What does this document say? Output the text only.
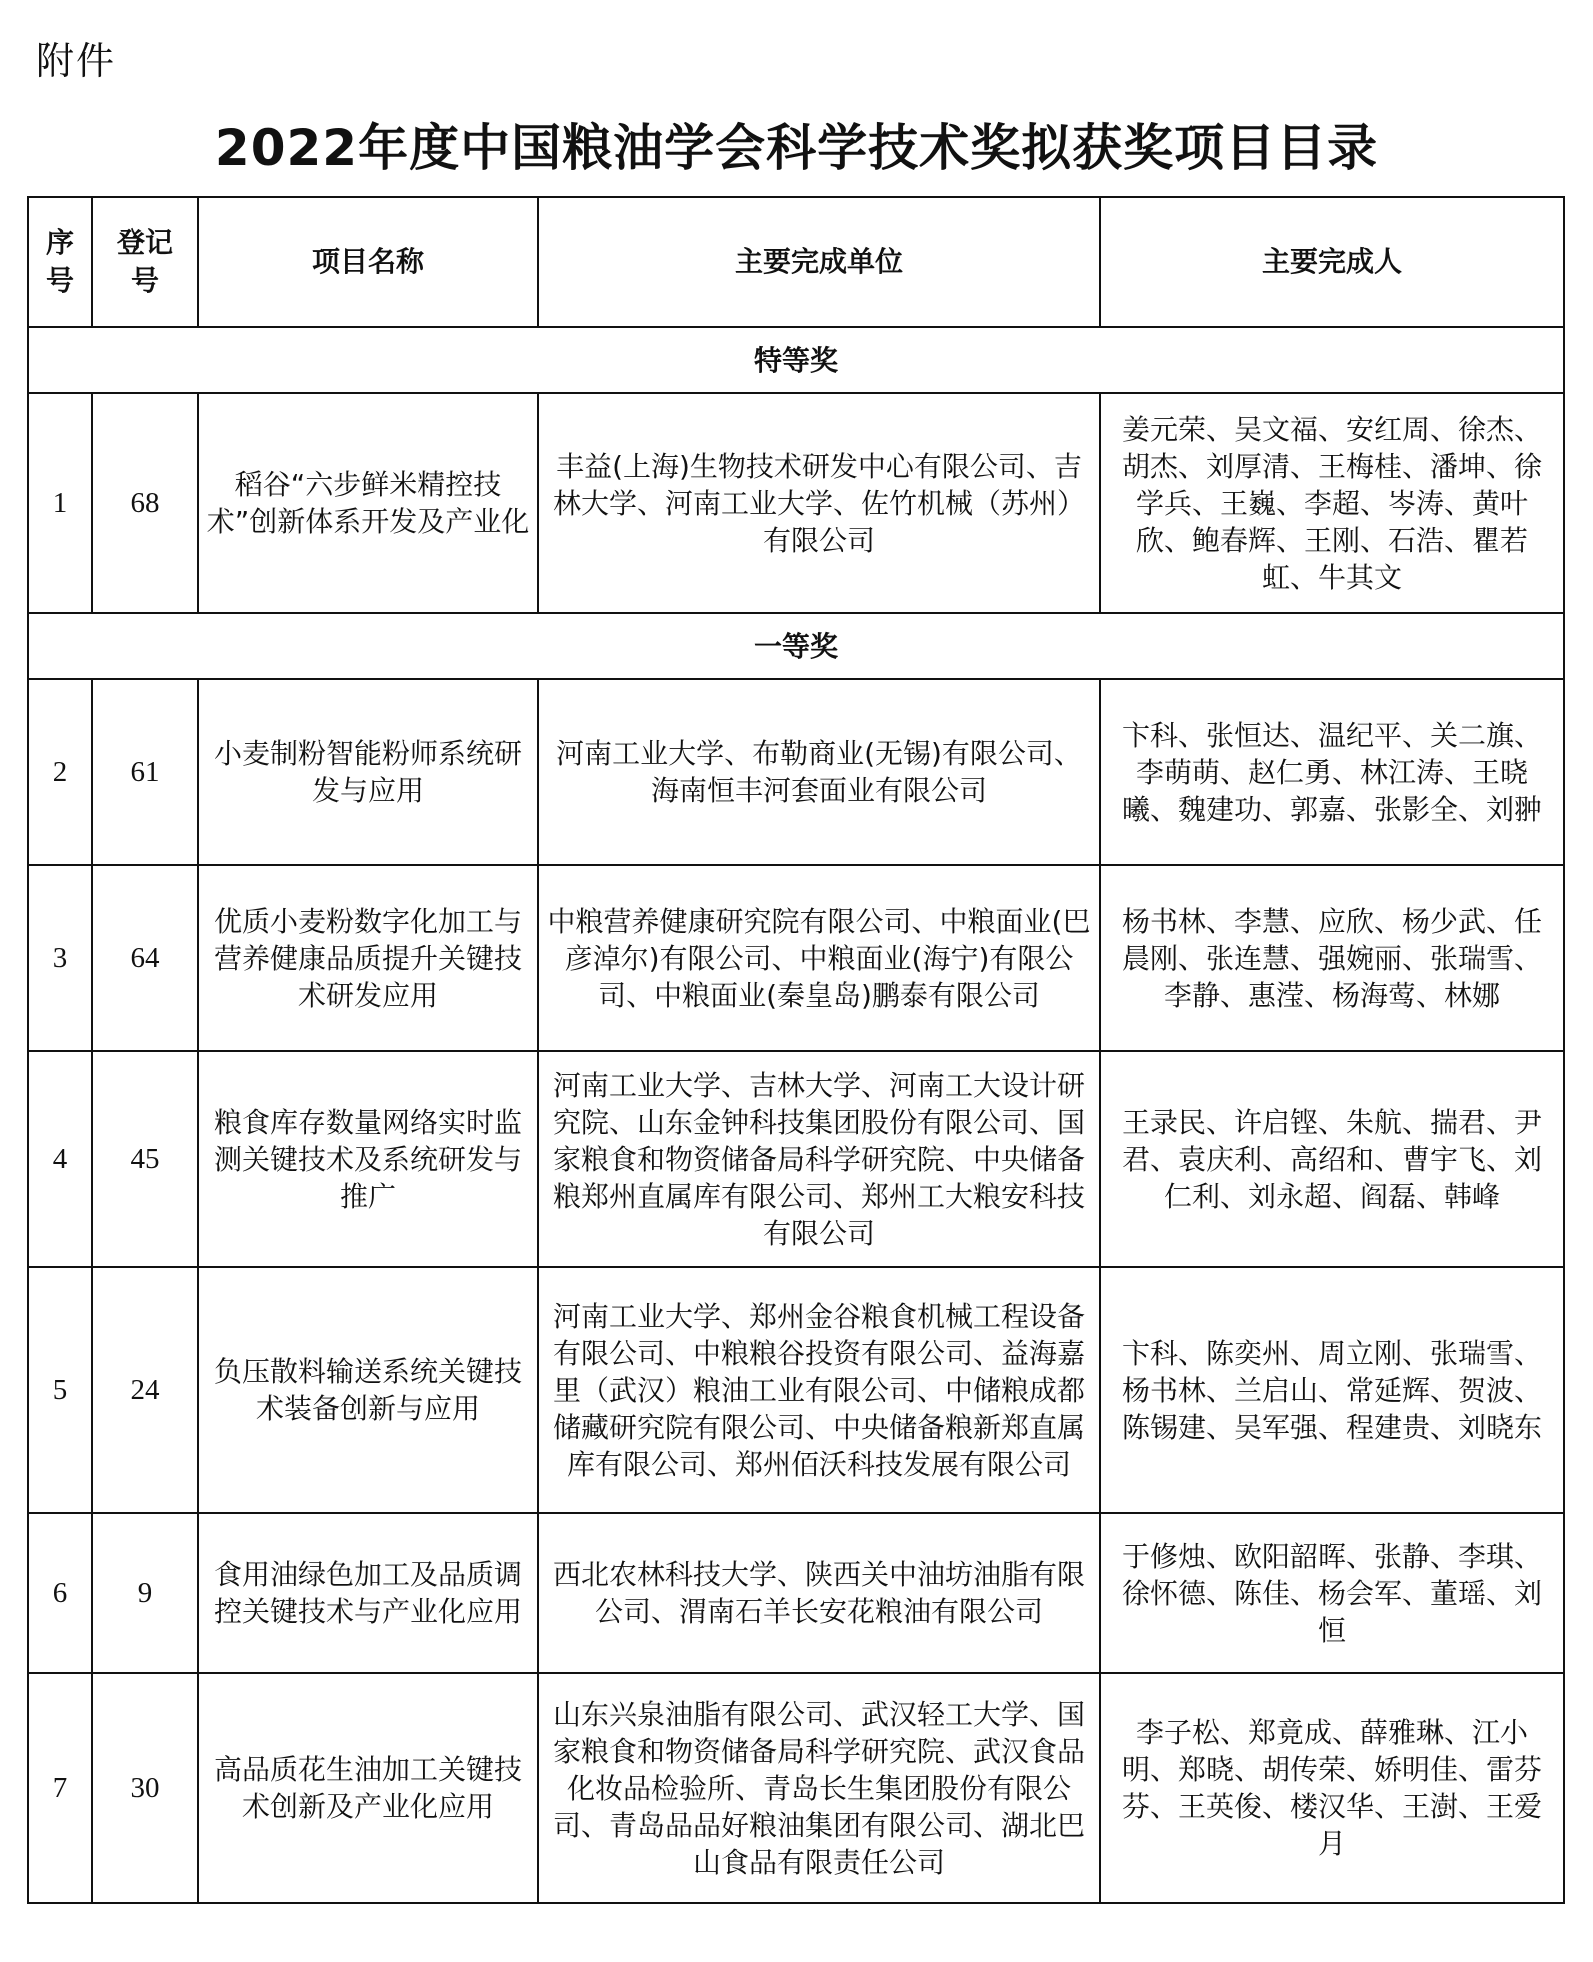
附件
2022年度中国粮油学会科学技术奖拟获奖项目目录
序号	登记号	项目名称	主要完成单位	主要完成人
特等奖				
1	68	稻谷“六步鲜米精控技术”创新体系开发及产业化	丰益(上海)生物技术研发中心有限公司、吉林大学、河南工业大学、佐竹机械（苏州）有限公司	姜元荣、吴文福、安红周、徐杰、胡杰、刘厚清、王梅桂、潘坤、徐学兵、王巍、李超、岑涛、黄叶欣、鲍春辉、王刚、石浩、瞿若虹、牛其文
一等奖				
2	61	小麦制粉智能粉师系统研发与应用	河南工业大学、布勒商业(无锡)有限公司、海南恒丰河套面业有限公司	卞科、张恒达、温纪平、关二旗、李萌萌、赵仁勇、林江涛、王晓曦、魏建功、郭嘉、张影全、刘翀
3	64	优质小麦粉数字化加工与营养健康品质提升关键技术研发应用	中粮营养健康研究院有限公司、中粮面业(巴彦淖尔)有限公司、中粮面业(海宁)有限公司、中粮面业(秦皇岛)鹏泰有限公司	杨书林、李慧、应欣、杨少武、任晨刚、张连慧、强婉丽、张瑞雪、李静、惠滢、杨海莺、林娜
4	45	粮食库存数量网络实时监测关键技术及系统研发与推广	河南工业大学、吉林大学、河南工大设计研究院、山东金钟科技集团股份有限公司、国家粮食和物资储备局科学研究院、中央储备粮郑州直属库有限公司、郑州工大粮安科技有限公司	王录民、许启铿、朱航、揣君、尹君、袁庆利、高绍和、曹宇飞、刘仁利、刘永超、阎磊、韩峰
5	24	负压散料输送系统关键技术装备创新与应用	河南工业大学、郑州金谷粮食机械工程设备有限公司、中粮粮谷投资有限公司、益海嘉里（武汉）粮油工业有限公司、中储粮成都储藏研究院有限公司、中央储备粮新郑直属库有限公司、郑州佰沃科技发展有限公司	卞科、陈奕州、周立刚、张瑞雪、杨书林、兰启山、常延辉、贺波、陈锡建、吴军强、程建贵、刘晓东
6	9	食用油绿色加工及品质调控关键技术与产业化应用	西北农林科技大学、陕西关中油坊油脂有限公司、渭南石羊长安花粮油有限公司	于修烛、欧阳韶晖、张静、李琪、徐怀德、陈佳、杨会军、董瑶、刘恒
7	30	高品质花生油加工关键技术创新及产业化应用	山东兴泉油脂有限公司、武汉轻工大学、国家粮食和物资储备局科学研究院、武汉食品化妆品检验所、青岛长生集团股份有限公司、青岛品品好粮油集团有限公司、湖北巴山食品有限责任公司	李子松、郑竟成、薛雅琳、江小明、郑晓、胡传荣、娇明佳、雷芬芬、王英俊、楼汉华、王澍、王爱月
